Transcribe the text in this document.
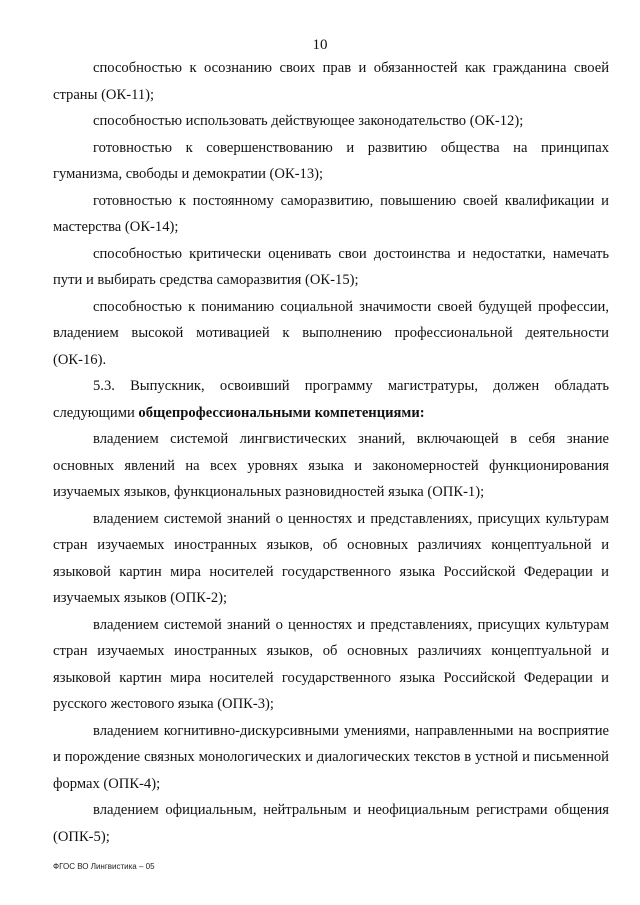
10

способностью к осознанию своих прав и обязанностей как гражданина своей страны (ОК-11);

способностью использовать действующее законодательство (ОК-12);

готовностью к совершенствованию и развитию общества на принципах гуманизма, свободы и демократии (ОК-13);

готовностью к постоянному саморазвитию, повышению своей квалификации и мастерства (ОК-14);

способностью критически оценивать свои достоинства и недостатки, намечать пути и выбирать средства саморазвития (ОК-15);

способностью к пониманию социальной значимости своей будущей профессии, владением высокой мотивацией к выполнению профессиональной деятельности (ОК-16).

5.3. Выпускник, освоивший программу магистратуры, должен обладать следующими общепрофессиональными компетенциями:

владением системой лингвистических знаний, включающей в себя знание основных явлений на всех уровнях языка и закономерностей функционирования изучаемых языков, функциональных разновидностей языка (ОПК-1);

владением системой знаний о ценностях и представлениях, присущих культурам стран изучаемых иностранных языков, об основных различиях концептуальной и языковой картин мира носителей государственного языка Российской Федерации и изучаемых языков (ОПК-2);

владением системой знаний о ценностях и представлениях, присущих культурам стран изучаемых иностранных языков, об основных различиях концептуальной и языковой картин мира носителей государственного языка Российской Федерации и русского жестового языка (ОПК-3);

владением когнитивно-дискурсивными умениями, направленными на восприятие и порождение связных монологических и диалогических текстов в устной и письменной формах (ОПК-4);

владением официальным, нейтральным и неофициальным регистрами общения (ОПК-5);

ФГОС ВО Лингвистика – 05
